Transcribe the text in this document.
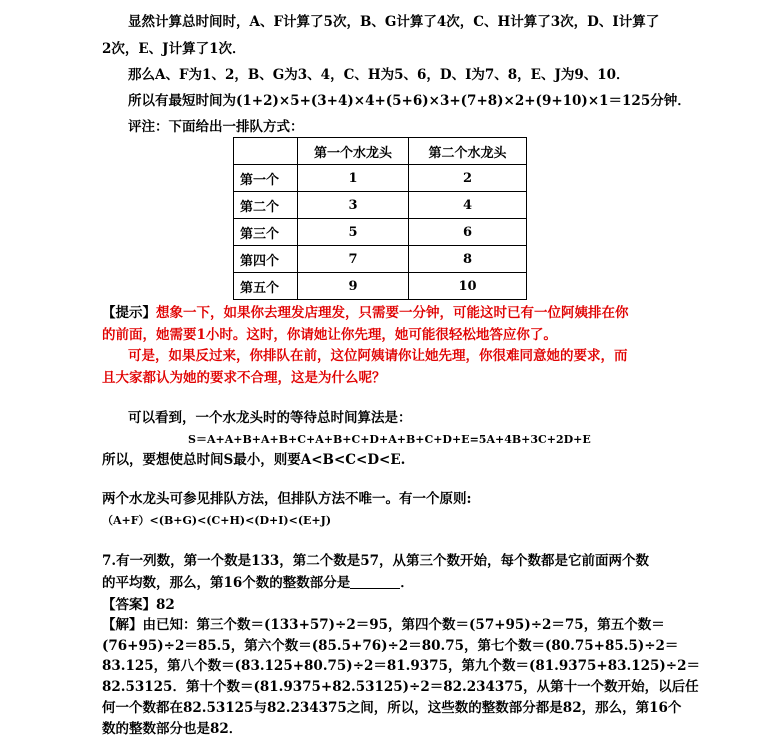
显然计算总时间时，A、F计算了5次，B、G计算了4次，C、H计算了3次，D、I计算了
2次，E、J计算了1次．
那么A、F为1、2，B、G为3、4，C、H为5、6，D、I为7、8，E、J为9、10．
所以有最短时间为(1+2)×5+(3+4)×4+(5+6)×3+(7+8)×2+(9+10)×1＝125分钟．
评注：下面给出一排队方式：
	第一个水龙头	第二个水龙头
第一个	1	2
第二个	3	4
第三个	5	6
第四个	7	8
第五个	9	10
【提示】想象一下，如果你去理发店理发，只需要一分钟，可能这时已有一位阿姨排在你
的前面，她需要1小时。这时，你请她让你先理，她可能很轻松地答应你了。
可是，如果反过来，你排队在前，这位阿姨请你让她先理，你很难同意她的要求，而
且大家都认为她的要求不合理，这是为什么呢？
可以看到，一个水龙头时的等待总时间算法是：
S＝A+A+B+A+B+C+A+B+C+D+A+B+C+D+E=5A+4B+3C+2D+E
所以，要想使总时间S最小，则要A<B<C<D<E.
两个水龙头可参见排队方法，但排队方法不唯一。有一个原则:
（A+F）<(B+G)<(C+H)<(D+I)<(E+J)
7.有一列数，第一个数是133，第二个数是57，从第三个数开始，每个数都是它前面两个数
的平均数，那么，第16个数的整数部分是	．
【答案】82
【解】由已知：第三个数＝(133+57)÷2＝95，第四个数＝(57+95)÷2＝75，第五个数＝
(76+95)÷2＝85.5，第六个数＝(85.5+76)÷2＝80.75，第七个数＝(80.75+85.5)÷2＝
83.125，第八个数＝(83.125+80.75)÷2＝81.9375，第九个数＝(81.9375+83.125)÷2＝
82.53125．第十个数＝(81.9375+82.53125)÷2＝82.234375，从第十一个数开始，以后任
何一个数都在82.53125与82.234375之间，所以，这些数的整数部分都是82，那么，第16个
数的整数部分也是82．
